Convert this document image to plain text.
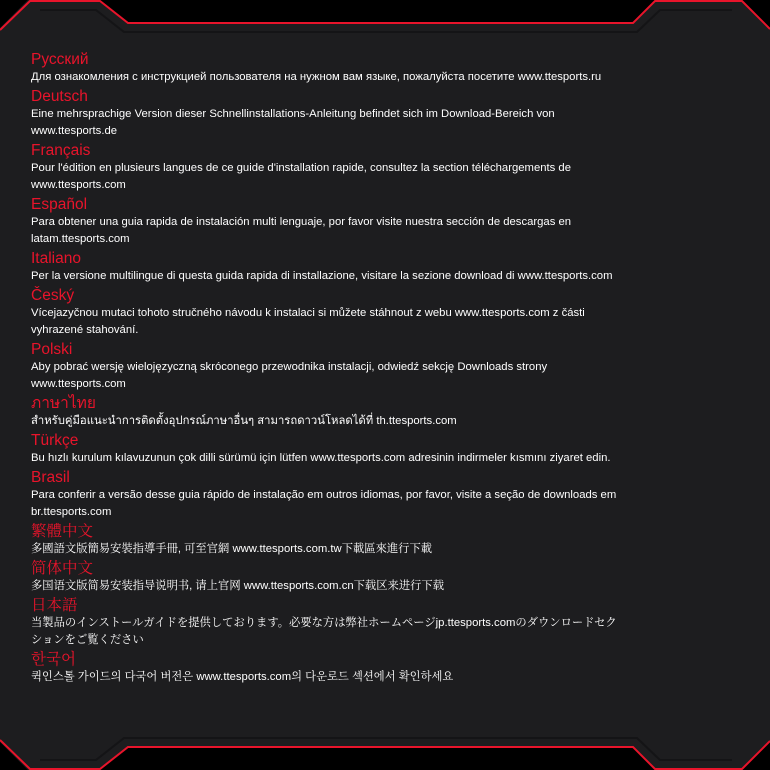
Русский
Для ознакомления с инструкцией пользователя на нужном вам языке, пожалуйста посетите www.ttesports.ru
Deutsch
Eine mehrsprachige Version dieser Schnellinstallations-Anleitung befindet sich im Download-Bereich von
www.ttesports.de
Français
Pour l'édition en plusieurs langues de ce guide d'installation rapide, consultez la section téléchargements de
www.ttesports.com
Español
Para obtener una guia rapida de instalación multi lenguaje, por favor visite nuestra sección de descargas en
latam.ttesports.com
Italiano
Per la versione multilingue di questa guida rapida di installazione, visitare la sezione download di www.ttesports.com
Český
Vícejazyčnou mutaci tohoto stručného návodu k instalaci si můžete stáhnout z webu www.ttesports.com z části
vyhrazené stahování.
Polski
Aby pobrać wersję wielojęzyczną skróconego przewodnika instalacji, odwiedź sekcję Downloads strony
www.ttesports.com
ภาษาไทย
สำหรับคู่มือแนะนำการติดตั้งอุปกรณ์ภาษาอื่นๆ สามารถดาวน์โหลดได้ที่ th.ttesports.com
Türkçe
Bu hızlı kurulum kılavuzunun çok dilli sürümü için lütfen www.ttesports.com adresinin indirmeler kısmını ziyaret edin.
Brasil
Para conferir a versão desse guia rápido de instalação em outros idiomas, por favor, visite a seção de downloads em
br.ttesports.com
繁體中文
多國語文版簡易安裝指導手冊, 可至官網 www.ttesports.com.tw下載區來進行下載
简体中文
多国语文版简易安装指导说明书, 请上官网 www.ttesports.com.cn下载区来进行下载
日本語
当製品のインストールガイドを提供しております。必要な方は弊社ホームページjp.ttesports.comのダウンロードセク
ションをご覧ください
한국어
퀵인스톨 가이드의 다국어 버전은 www.ttesports.com의 다운로드 섹션에서 확인하세요
